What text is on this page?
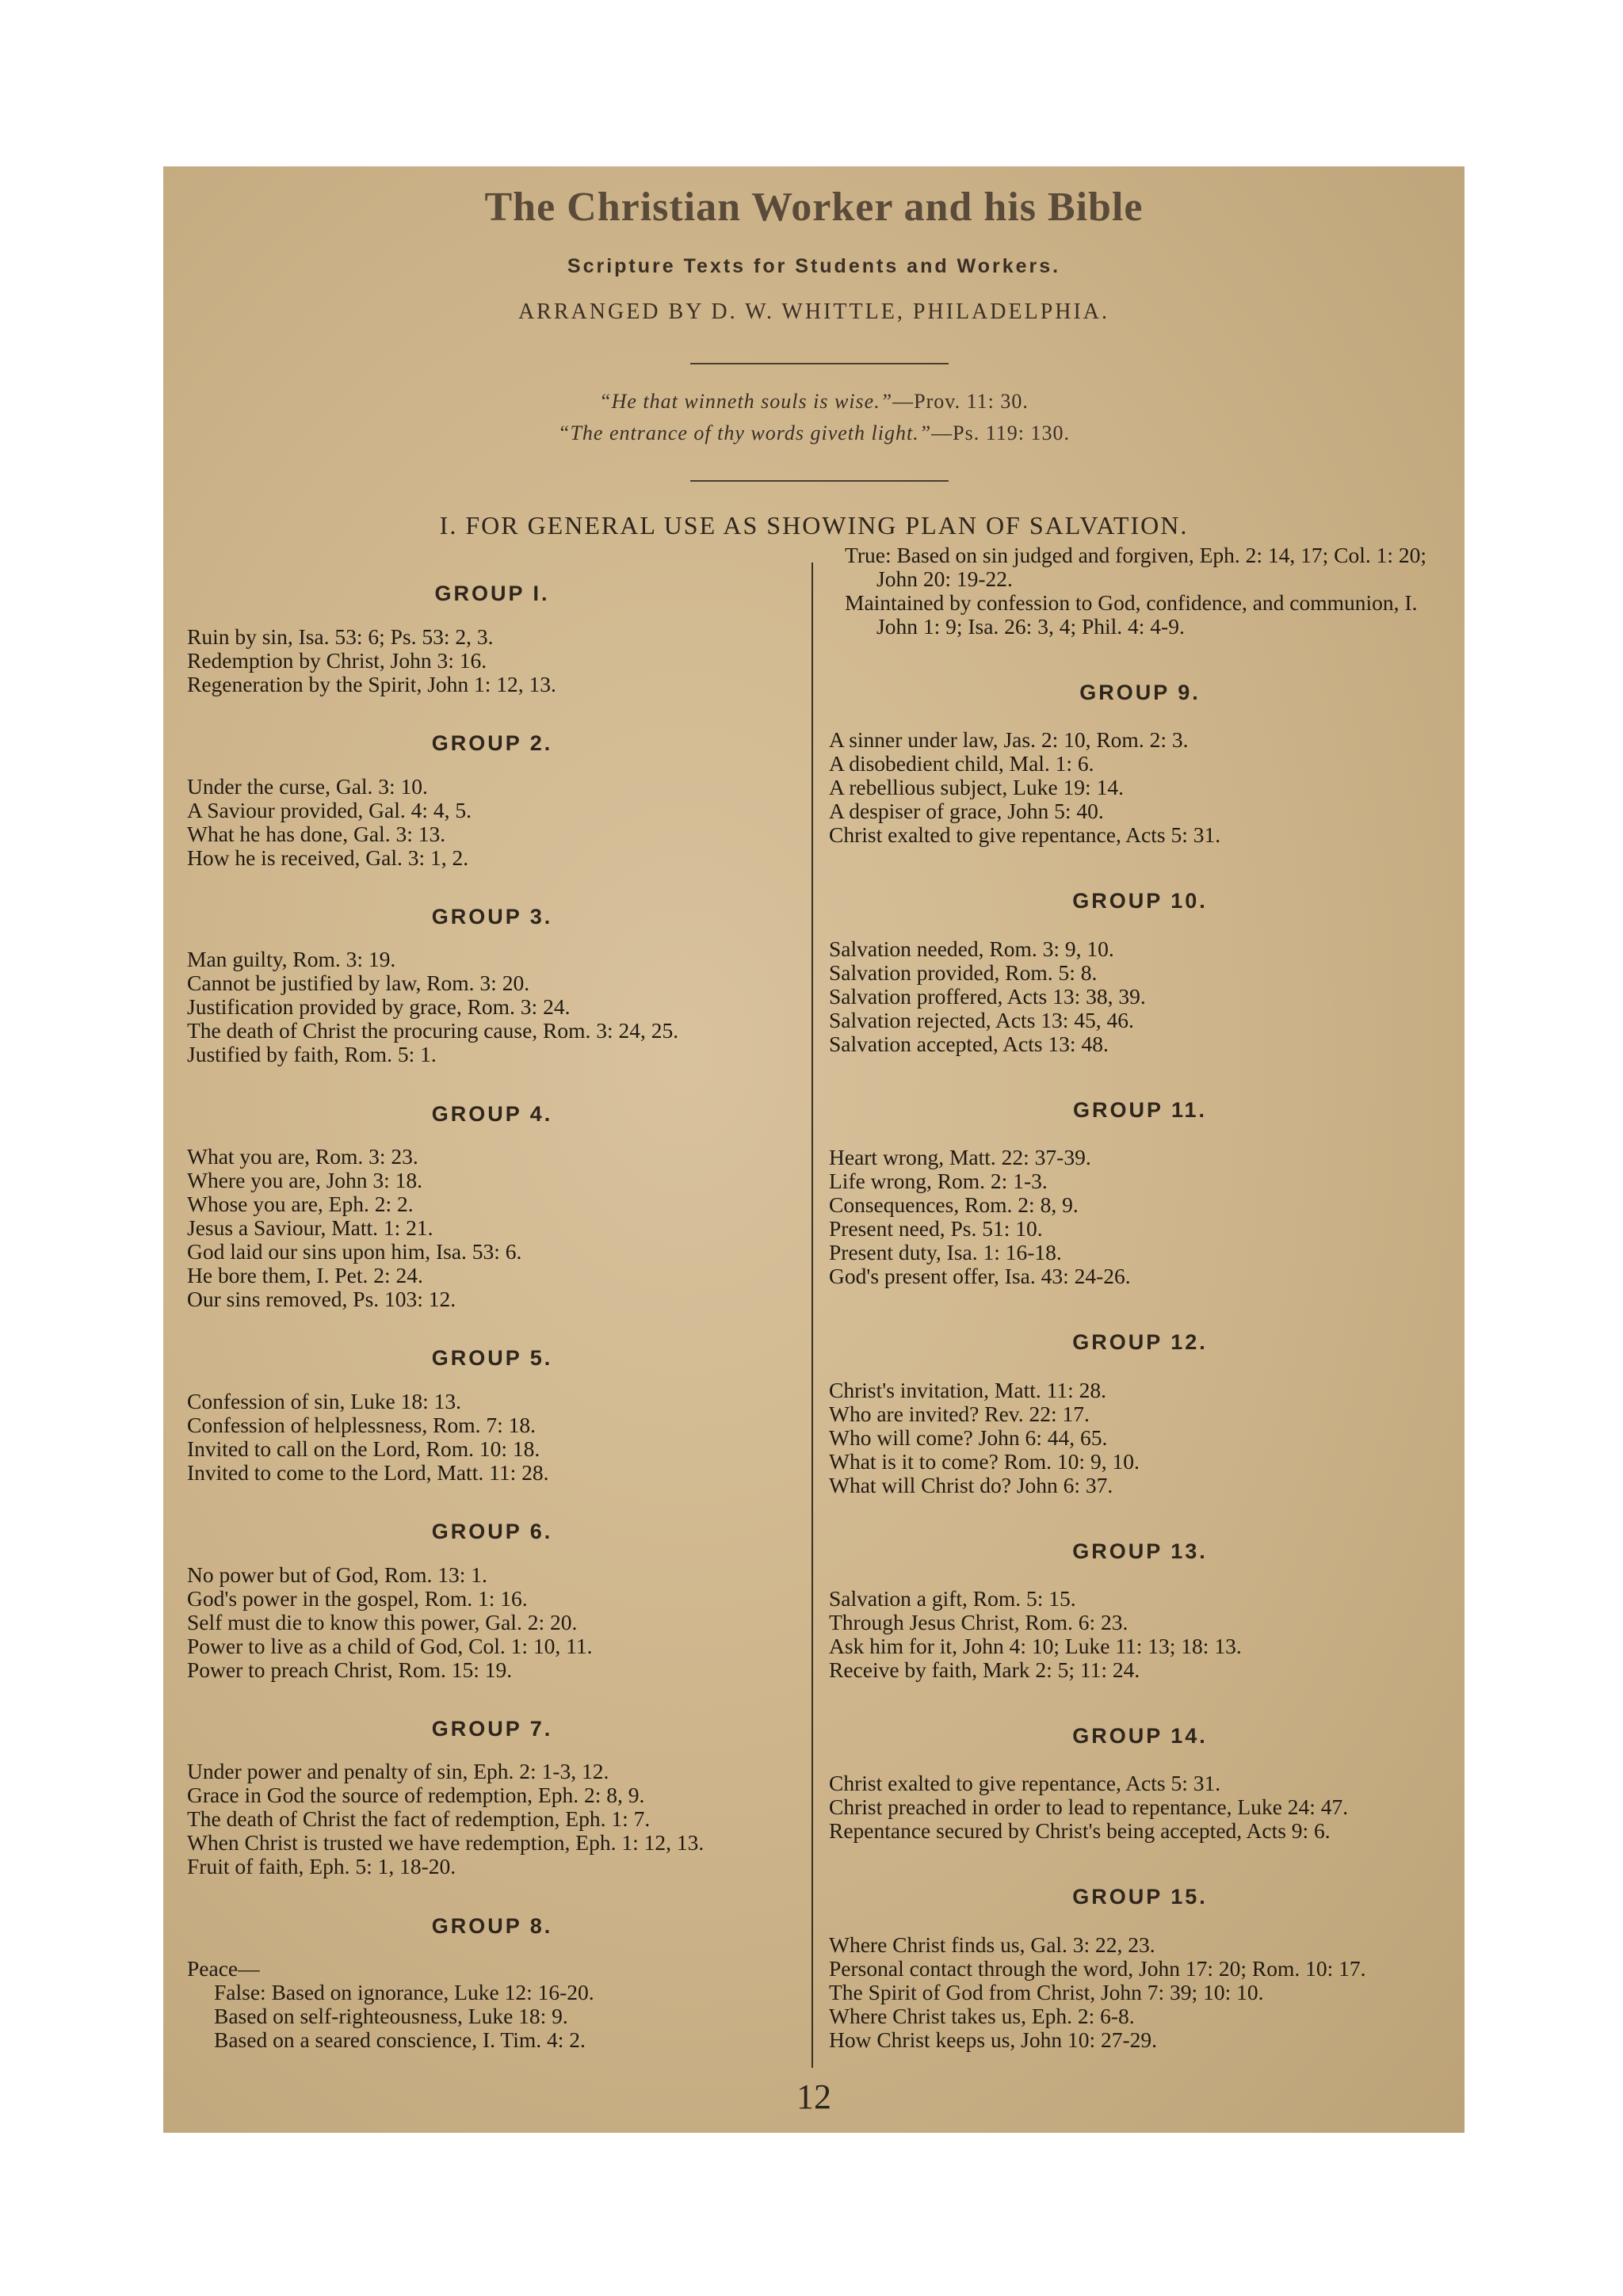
The Christian Worker and his Bible
Scripture Texts for Students and Workers.
ARRANGED BY D. W. WHITTLE, PHILADELPHIA.
“He that winneth souls is wise.”—Prov. 11: 30.
“The entrance of thy words giveth light.”—Ps. 119: 130.
I. FOR GENERAL USE AS SHOWING PLAN OF SALVATION.
GROUP I.
Ruin by sin, Isa. 53: 6; Ps. 53: 2, 3.
Redemption by Christ, John 3: 16.
Regeneration by the Spirit, John 1: 12, 13.
GROUP 2.
Under the curse, Gal. 3: 10.
A Saviour provided, Gal. 4: 4, 5.
What he has done, Gal. 3: 13.
How he is received, Gal. 3: 1, 2.
GROUP 3.
Man guilty, Rom. 3: 19.
Cannot be justified by law, Rom. 3: 20.
Justification provided by grace, Rom. 3: 24.
The death of Christ the procuring cause, Rom. 3: 24, 25.
Justified by faith, Rom. 5: 1.
GROUP 4.
What you are, Rom. 3: 23.
Where you are, John 3: 18.
Whose you are, Eph. 2: 2.
Jesus a Saviour, Matt. 1: 21.
God laid our sins upon him, Isa. 53: 6.
He bore them, I. Pet. 2: 24.
Our sins removed, Ps. 103: 12.
GROUP 5.
Confession of sin, Luke 18: 13.
Confession of helplessness, Rom. 7: 18.
Invited to call on the Lord, Rom. 10: 18.
Invited to come to the Lord, Matt. 11: 28.
GROUP 6.
No power but of God, Rom. 13: 1.
God's power in the gospel, Rom. 1: 16.
Self must die to know this power, Gal. 2: 20.
Power to live as a child of God, Col. 1: 10, 11.
Power to preach Christ, Rom. 15: 19.
GROUP 7.
Under power and penalty of sin, Eph. 2: 1-3, 12.
Grace in God the source of redemption, Eph. 2: 8, 9.
The death of Christ the fact of redemption, Eph. 1: 7.
When Christ is trusted we have redemption, Eph. 1: 12, 13.
Fruit of faith, Eph. 5: 1, 18-20.
GROUP 8.
Peace—
False: Based on ignorance, Luke 12: 16-20.
Based on self-righteousness, Luke 18: 9.
Based on a seared conscience, I. Tim. 4: 2.
True: Based on sin judged and forgiven, Eph. 2: 14, 17; Col. 1: 20; John 20: 19-22.
Maintained by confession to God, confidence, and communion, I. John 1: 9; Isa. 26: 3, 4; Phil. 4: 4-9.
GROUP 9.
A sinner under law, Jas. 2: 10, Rom. 2: 3.
A disobedient child, Mal. 1: 6.
A rebellious subject, Luke 19: 14.
A despiser of grace, John 5: 40.
Christ exalted to give repentance, Acts 5: 31.
GROUP 10.
Salvation needed, Rom. 3: 9, 10.
Salvation provided, Rom. 5: 8.
Salvation proffered, Acts 13: 38, 39.
Salvation rejected, Acts 13: 45, 46.
Salvation accepted, Acts 13: 48.
GROUP 11.
Heart wrong, Matt. 22: 37-39.
Life wrong, Rom. 2: 1-3.
Consequences, Rom. 2: 8, 9.
Present need, Ps. 51: 10.
Present duty, Isa. 1: 16-18.
God's present offer, Isa. 43: 24-26.
GROUP 12.
Christ's invitation, Matt. 11: 28.
Who are invited? Rev. 22: 17.
Who will come? John 6: 44, 65.
What is it to come? Rom. 10: 9, 10.
What will Christ do? John 6: 37.
GROUP 13.
Salvation a gift, Rom. 5: 15.
Through Jesus Christ, Rom. 6: 23.
Ask him for it, John 4: 10; Luke 11: 13; 18: 13.
Receive by faith, Mark 2: 5; 11: 24.
GROUP 14.
Christ exalted to give repentance, Acts 5: 31.
Christ preached in order to lead to repentance, Luke 24: 47.
Repentance secured by Christ's being accepted, Acts 9: 6.
GROUP 15.
Where Christ finds us, Gal. 3: 22, 23.
Personal contact through the word, John 17: 20; Rom. 10: 17.
The Spirit of God from Christ, John 7: 39; 10: 10.
Where Christ takes us, Eph. 2: 6-8.
How Christ keeps us, John 10: 27-29.
12
